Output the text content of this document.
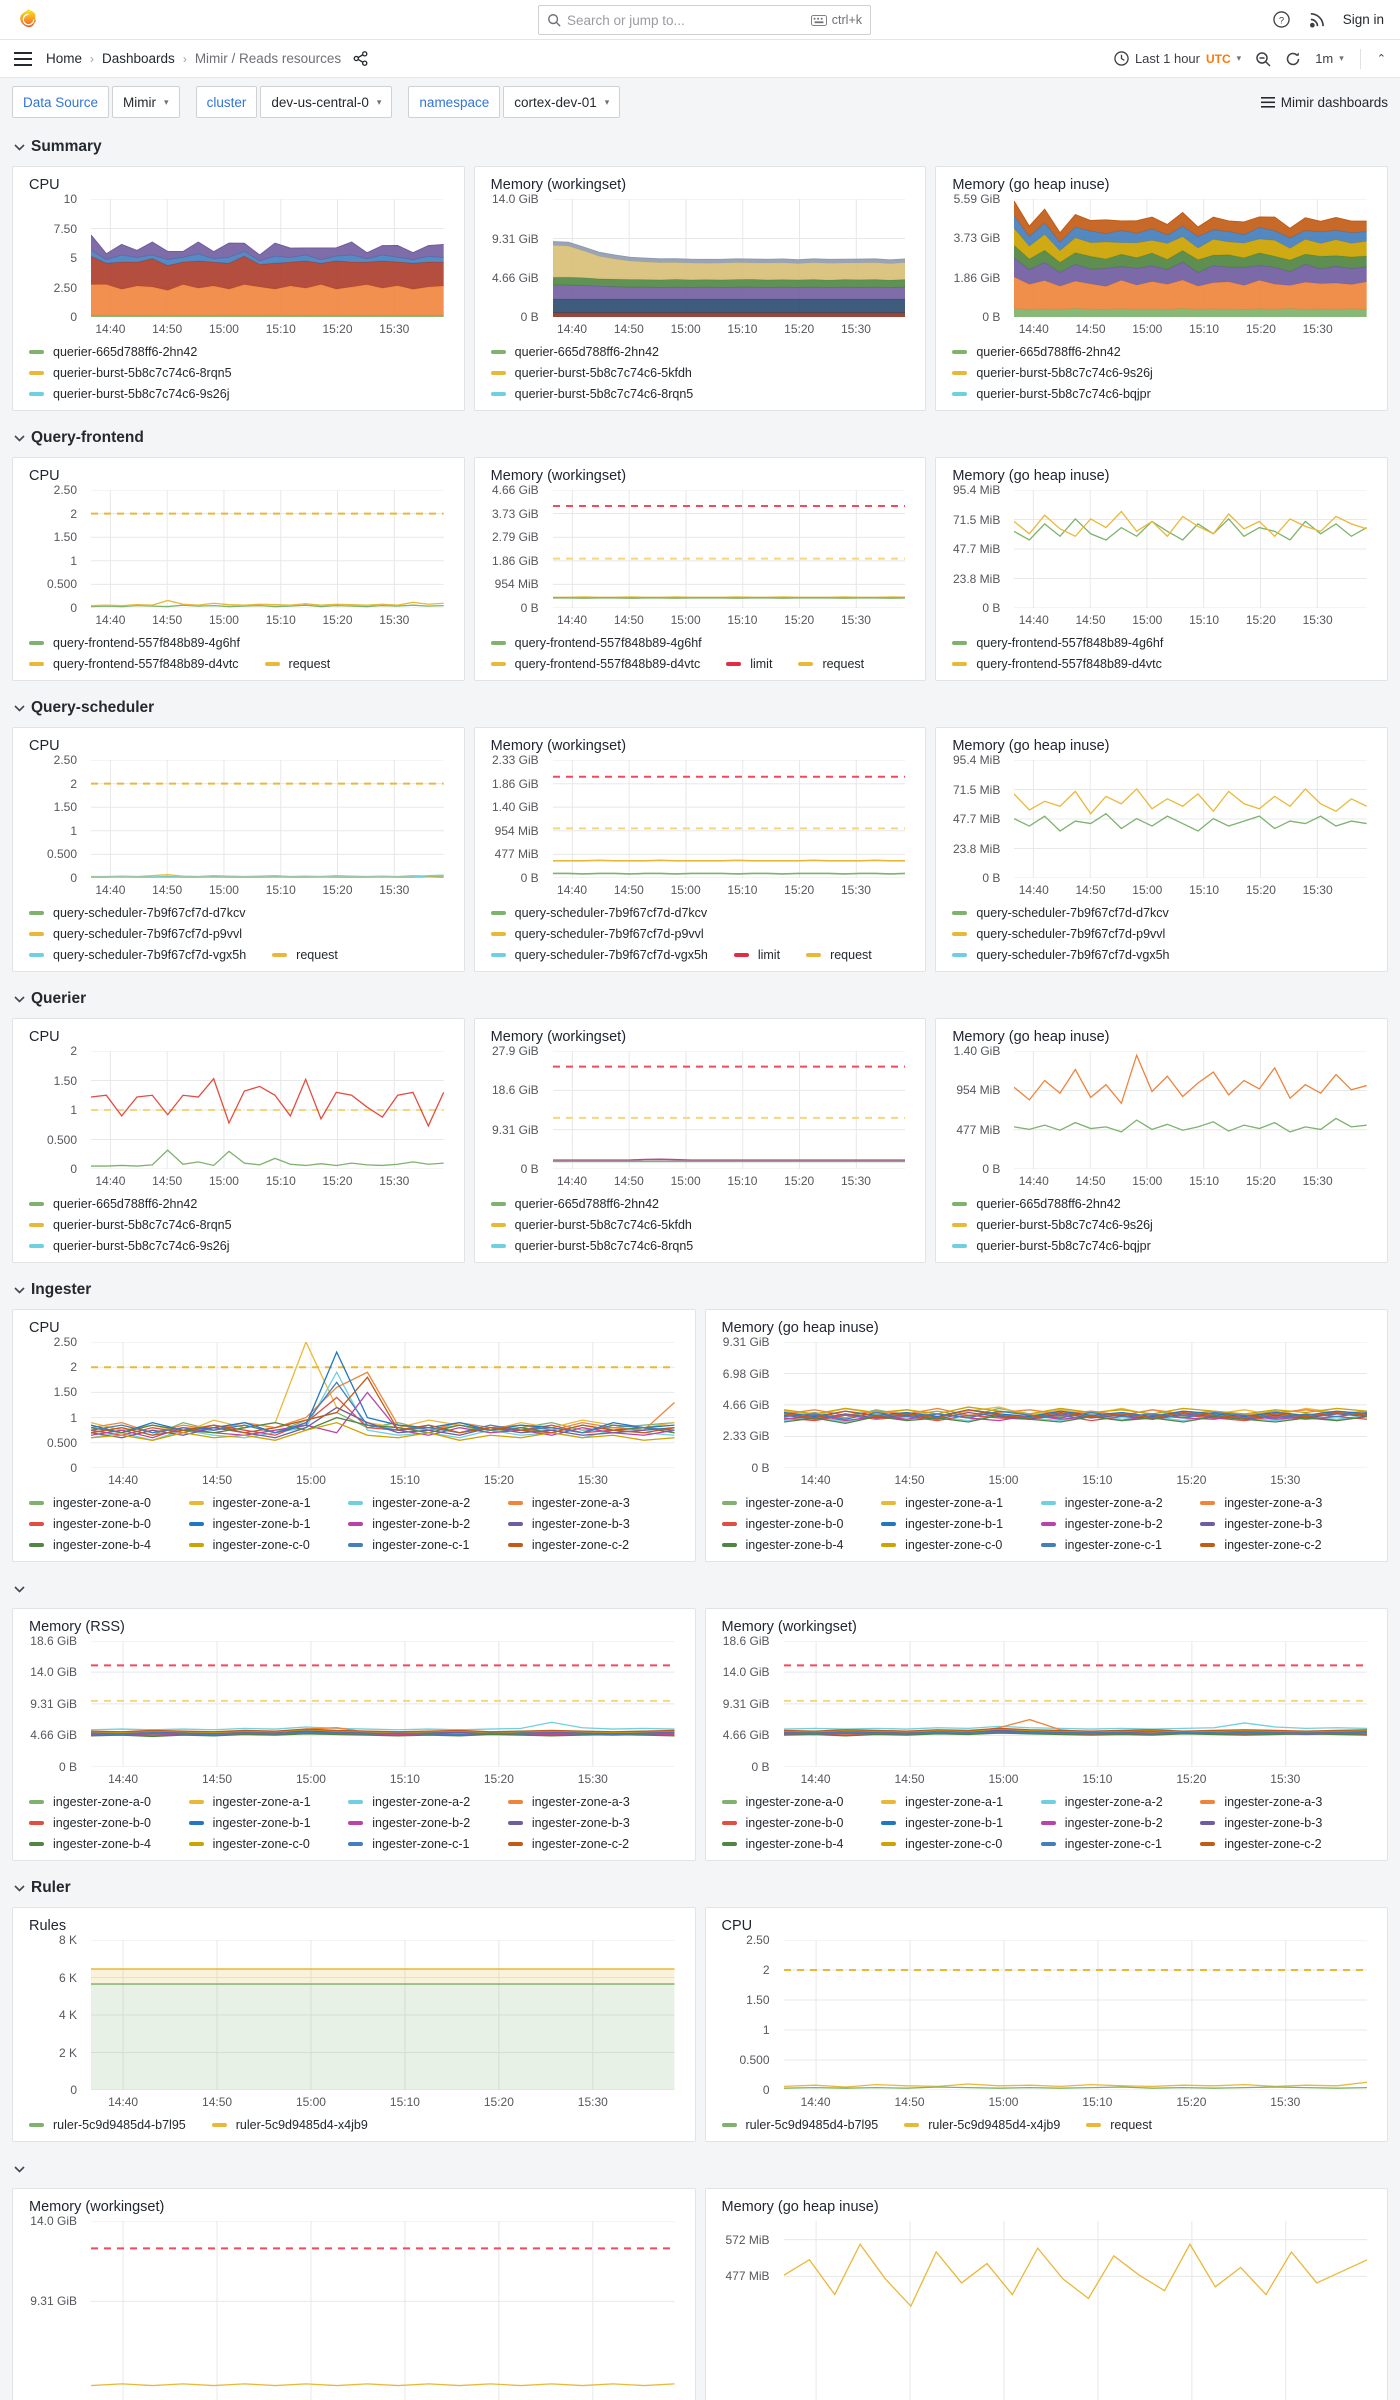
Search or jump to...
ctrl+k	?	Sign in
Home › Dashboards › Mimir / Reads resources	Last 1 hour UTC ▾	1m ▾	⌃
Data Source	Mimir ▾	cluster	dev-us-central-0 ▾	namespace	cortex-dev-01 ▾	Mimir dashboards
Summary
CPU
10
7.50
5
2.50
0
14:40 14:50 15:00 15:10 15:20 15:30
querier-665d788ff6-2hn42
querier-burst-5b8c7c74c6-8rqn5
querier-burst-5b8c7c74c6-9s26j
Memory (workingset)
14.0 GiB
9.31 GiB
4.66 GiB
0 B
14:40 14:50 15:00 15:10 15:20 15:30
querier-665d788ff6-2hn42
querier-burst-5b8c7c74c6-5kfdh
querier-burst-5b8c7c74c6-8rqn5
Memory (go heap inuse)
5.59 GiB
3.73 GiB
1.86 GiB
0 B
14:40 14:50 15:00 15:10 15:20 15:30
querier-665d788ff6-2hn42
querier-burst-5b8c7c74c6-9s26j
querier-burst-5b8c7c74c6-bqjpr
Query-frontend
CPU
2.50
2
1.50
1
0.500
0
14:40 14:50 15:00 15:10 15:20 15:30
query-frontend-557f848b89-4g6hf
query-frontend-557f848b89-d4vtc	request
Memory (workingset)
4.66 GiB
3.73 GiB
2.79 GiB
1.86 GiB
954 MiB
0 B
14:40 14:50 15:00 15:10 15:20 15:30
query-frontend-557f848b89-4g6hf
query-frontend-557f848b89-d4vtc	limit	request
Memory (go heap inuse)
95.4 MiB
71.5 MiB
47.7 MiB
23.8 MiB
0 B
14:40 14:50 15:00 15:10 15:20 15:30
query-frontend-557f848b89-4g6hf
query-frontend-557f848b89-d4vtc
Query-scheduler
CPU
2.50
2
1.50
1
0.500
0
14:40 14:50 15:00 15:10 15:20 15:30
query-scheduler-7b9f67cf7d-d7kcv
query-scheduler-7b9f67cf7d-p9vvl
query-scheduler-7b9f67cf7d-vgx5h	request
Memory (workingset)
2.33 GiB
1.86 GiB
1.40 GiB
954 MiB
477 MiB
0 B
14:40 14:50 15:00 15:10 15:20 15:30
query-scheduler-7b9f67cf7d-d7kcv
query-scheduler-7b9f67cf7d-p9vvl
query-scheduler-7b9f67cf7d-vgx5h	limit	request
Memory (go heap inuse)
95.4 MiB
71.5 MiB
47.7 MiB
23.8 MiB
0 B
14:40 14:50 15:00 15:10 15:20 15:30
query-scheduler-7b9f67cf7d-d7kcv
query-scheduler-7b9f67cf7d-p9vvl
query-scheduler-7b9f67cf7d-vgx5h
Querier
CPU
2
1.50
1
0.500
0
14:40 14:50 15:00 15:10 15:20 15:30
querier-665d788ff6-2hn42
querier-burst-5b8c7c74c6-8rqn5
querier-burst-5b8c7c74c6-9s26j
Memory (workingset)
27.9 GiB
18.6 GiB
9.31 GiB
0 B
14:40 14:50 15:00 15:10 15:20 15:30
querier-665d788ff6-2hn42
querier-burst-5b8c7c74c6-5kfdh
querier-burst-5b8c7c74c6-8rqn5
Memory (go heap inuse)
1.40 GiB
954 MiB
477 MiB
0 B
14:40 14:50 15:00 15:10 15:20 15:30
querier-665d788ff6-2hn42
querier-burst-5b8c7c74c6-9s26j
querier-burst-5b8c7c74c6-bqjpr
Ingester
CPU
2.50
2
1.50
1
0.500
0
14:40	14:50	15:00	15:10	15:20	15:30
ingester-zone-a-0	ingester-zone-a-1	ingester-zone-a-2	ingester-zone-a-3
ingester-zone-b-0	ingester-zone-b-1	ingester-zone-b-2	ingester-zone-b-3
ingester-zone-b-4	ingester-zone-c-0	ingester-zone-c-1	ingester-zone-c-2
Memory (go heap inuse)
9.31 GiB
6.98 GiB
4.66 GiB
2.33 GiB
0 B
14:40	14:50	15:00	15:10	15:20	15:30
ingester-zone-a-0	ingester-zone-a-1	ingester-zone-a-2	ingester-zone-a-3
ingester-zone-b-0	ingester-zone-b-1	ingester-zone-b-2	ingester-zone-b-3
ingester-zone-b-4	ingester-zone-c-0	ingester-zone-c-1	ingester-zone-c-2
Memory (RSS)
18.6 GiB
14.0 GiB
9.31 GiB
4.66 GiB
0 B
14:40	14:50	15:00	15:10	15:20	15:30
ingester-zone-a-0	ingester-zone-a-1	ingester-zone-a-2	ingester-zone-a-3
ingester-zone-b-0	ingester-zone-b-1	ingester-zone-b-2	ingester-zone-b-3
ingester-zone-b-4	ingester-zone-c-0	ingester-zone-c-1	ingester-zone-c-2
Memory (workingset)
18.6 GiB
14.0 GiB
9.31 GiB
4.66 GiB
0 B
14:40	14:50	15:00	15:10	15:20	15:30
ingester-zone-a-0	ingester-zone-a-1	ingester-zone-a-2	ingester-zone-a-3
ingester-zone-b-0	ingester-zone-b-1	ingester-zone-b-2	ingester-zone-b-3
ingester-zone-b-4	ingester-zone-c-0	ingester-zone-c-1	ingester-zone-c-2
Ruler
Rules
8 K
6 K
4 K
2 K
0
14:40	14:50	15:00	15:10	15:20	15:30
ruler-5c9d9485d4-b7l95	ruler-5c9d9485d4-x4jb9
CPU
2.50
2
1.50
1
0.500
0
14:40	14:50	15:00	15:10	15:20	15:30
ruler-5c9d9485d4-b7l95	ruler-5c9d9485d4-x4jb9	request
Memory (workingset)
14.0 GiB
9.31 GiB
Memory (go heap inuse)
572 MiB
477 MiB
